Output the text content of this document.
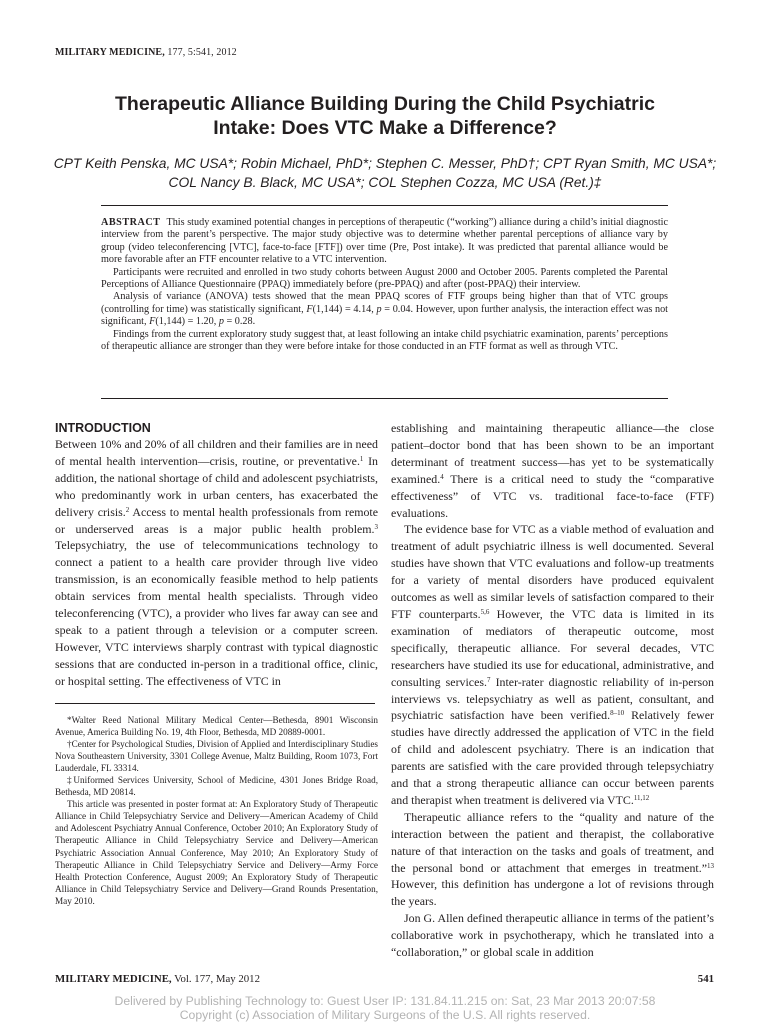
MILITARY MEDICINE, 177, 5:541, 2012
Therapeutic Alliance Building During the Child Psychiatric
Intake: Does VTC Make a Difference?
CPT Keith Penska, MC USA*; Robin Michael, PhD*; Stephen C. Messer, PhD†; CPT Ryan Smith, MC USA*;
COL Nancy B. Black, MC USA*; COL Stephen Cozza, MC USA (Ret.)‡

ABSTRACT This study examined potential changes in perceptions of therapeutic (“working”) alliance during a child’s initial diagnostic interview from the parent’s perspective. The major study objective was to determine whether parental perceptions of alliance vary by group (video teleconferencing [VTC], face-to-face [FTF]) over time (Pre, Post intake). It was predicted that parental alliance would be more favorable after an FTF encounter relative to a VTC intervention.

Participants were recruited and enrolled in two study cohorts between August 2000 and October 2005. Parents completed the Parental Perceptions of Alliance Questionnaire (PPAQ) immediately before (pre-PPAQ) and after (post-PPAQ) their interview.

Analysis of variance (ANOVA) tests showed that the mean PPAQ scores of FTF groups being higher than that of VTC groups (controlling for time) was statistically significant, F(1,144) = 4.14, p = 0.04. However, upon further analysis, the interaction effect was not significant, F(1,144) = 1.20, p = 0.28.

Findings from the current exploratory study suggest that, at least following an intake child psychiatric examination, parents’ perceptions of therapeutic alliance are stronger than they were before intake for those conducted in an FTF format as well as through VTC.

INTRODUCTION

Between 10% and 20% of all children and their families are in need of mental health intervention—crisis, routine, or preventative.$^1$ In addition, the national shortage of child and adolescent psychiatrists, who predominantly work in urban centers, has exacerbated the delivery crisis.$^2$ Access to mental health professionals from remote or underserved areas is a major public health problem.$^3$ Telepsychiatry, the use of telecommunications technology to connect a patient to a health care provider through live video transmission, is an economically feasible method to help patients obtain services from mental health specialists. Through video teleconferencing (VTC), a provider who lives far away can see and speak to a patient through a television or a computer screen. However, VTC interviews sharply contrast with typical diagnostic sessions that are conducted in-person in a traditional office, clinic, or hospital setting. The effectiveness of VTC in

*Walter Reed National Military Medical Center—Bethesda, 8901 Wisconsin Avenue, America Building No. 19, 4th Floor, Bethesda, MD 20889-0001.

†Center for Psychological Studies, Division of Applied and Interdisciplinary Studies Nova Southeastern University, 3301 College Avenue, Maltz Building, Room 1073, Fort Lauderdale, FL 33314.

‡Uniformed Services University, School of Medicine, 4301 Jones Bridge Road, Bethesda, MD 20814.

This article was presented in poster format at: An Exploratory Study of Therapeutic Alliance in Child Telepsychiatry Service and Delivery—American Academy of Child and Adolescent Psychiatry Annual Conference, October 2010; An Exploratory Study of Therapeutic Alliance in Child Telepsychiatry Service and Delivery—American Psychiatric Association Annual Conference, May 2010; An Exploratory Study of Therapeutic Alliance in Child Telepsychiatry Service and Delivery—Army Force Health Protection Conference, August 2009; An Exploratory Study of Therapeutic Alliance in Child Telepsychiatry Service and Delivery—Grand Rounds Presentation, May 2010.

establishing and maintaining therapeutic alliance—the close patient–doctor bond that has been shown to be an important determinant of treatment success—has yet to be systematically examined.$^4$ There is a critical need to study the “comparative effectiveness” of VTC vs. traditional face-to-face (FTF) evaluations.

The evidence base for VTC as a viable method of evaluation and treatment of adult psychiatric illness is well documented. Several studies have shown that VTC evaluations and follow-up treatments for a variety of mental disorders have produced equivalent outcomes as well as similar levels of satisfaction compared to their FTF counterparts.$^{5,6}$ However, the VTC data is limited in its examination of mediators of therapeutic outcome, most specifically, therapeutic alliance. For several decades, VTC researchers have studied its use for educational, administrative, and consulting services.$^7$ Inter-rater diagnostic reliability of in-person interviews vs. telepsychiatry as well as patient, consultant, and psychiatric satisfaction have been verified.$^{8-10}$ Relatively fewer studies have directly addressed the application of VTC in the field of child and adolescent psychiatry. There is an indication that parents are satisfied with the care provided through telepsychiatry and that a strong therapeutic alliance can occur between parents and therapist when treatment is delivered via VTC.$^{11,12}$

Therapeutic alliance refers to the “quality and nature of the interaction between the patient and therapist, the collaborative nature of that interaction on the tasks and goals of treatment, and the personal bond or attachment that emerges in treatment.”$^{13}$ However, this definition has undergone a lot of revisions through the years.

Jon G. Allen defined therapeutic alliance in terms of the patient’s collaborative work in psychotherapy, which he translated into a “collaboration,” or global scale in addition

MILITARY MEDICINE, Vol. 177, May 2012	541
Delivered by Publishing Technology to: Guest User IP: 131.84.11.215 on: Sat, 23 Mar 2013 20:07:58
Copyright (c) Association of Military Surgeons of the U.S. All rights reserved.
